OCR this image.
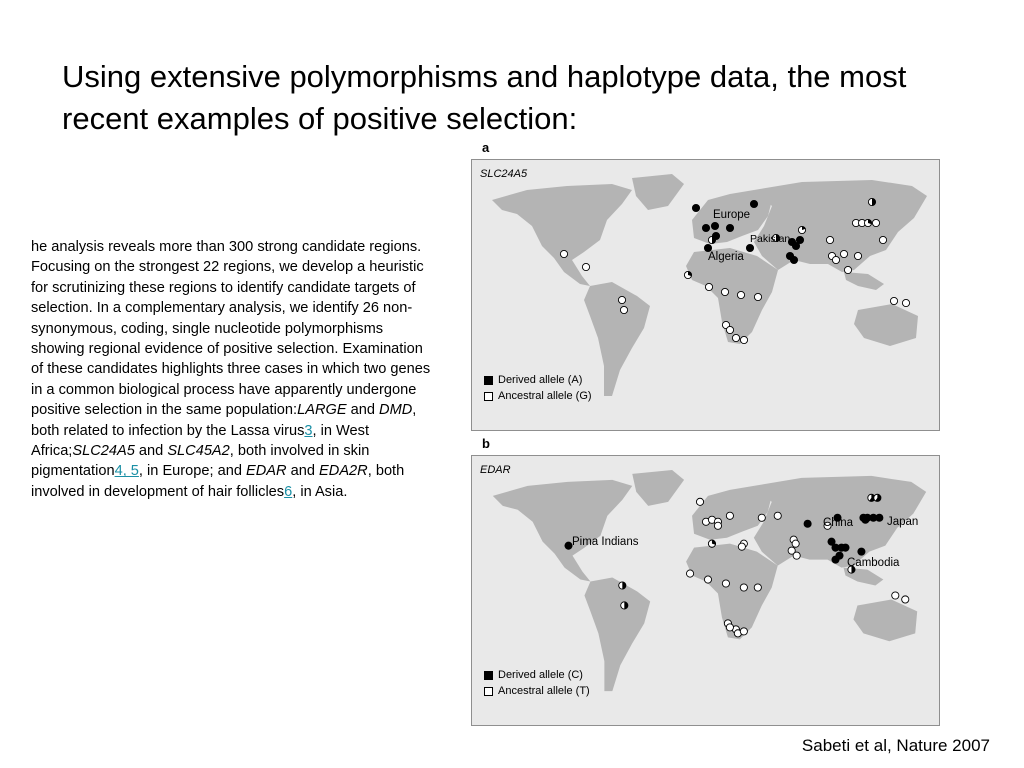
Using extensive polymorphisms and haplotype data, the most recent examples of positive selection:
he analysis reveals more than 300 strong candidate regions. Focusing on the strongest 22 regions, we develop a heuristic for scrutinizing these regions to identify candidate targets of selection. In a complementary analysis, we identify 26 non-synonymous, coding, single nucleotide polymorphisms showing regional evidence of positive selection. Examination of these candidates highlights three cases in which two genes in a common biological process have apparently undergone positive selection in the same population:LARGE and DMD, both related to infection by the Lassa virus3, in West Africa;SLC24A5 and SLC45A2, both involved in skin pigmentation4, 5, in Europe; and EDAR and EDA2R, both involved in development of hair follicles6, in Asia.
a
SLC24A5
Europe
Pakistan
Algeria
Derived allele (A)
Ancestral allele (G)
b
EDAR
Pima Indians
China	Japan
Cambodia
Derived allele (C)
Ancestral allele (T)
Sabeti et al, Nature 2007
